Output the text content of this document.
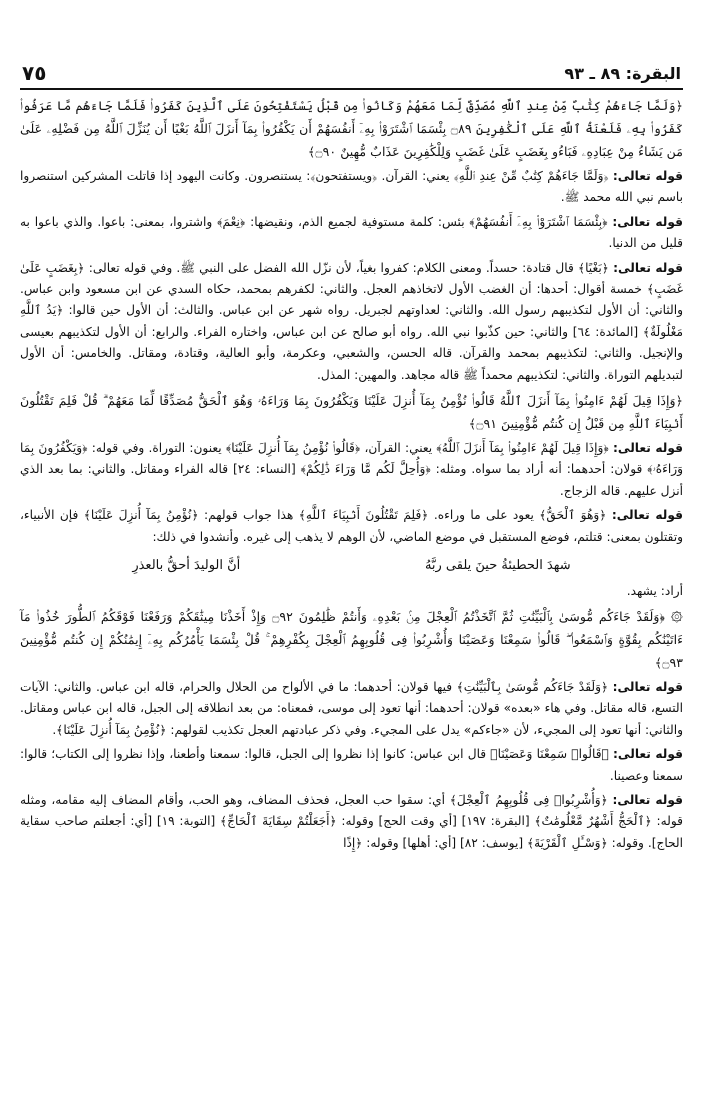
٧٥	البقرة: ٨٩ ـ ٩٣

﴿وَلَمَّا جَاءَهُمْ كِتَٰبٌ مِّنْ عِندِ ٱللَّهِ مُصَدِّقٌ لِّمَا مَعَهُمْ وَكَانُوا۟ مِن قَبْلُ يَسْتَفْتِحُونَ عَلَى ٱلَّذِينَ كَفَرُوا۟ فَلَمَّا جَاءَهُم مَّا عَرَفُوا۟ كَفَرُوا۟ بِهِۦ فَلَعْنَةُ ٱللَّهِ عَلَى ٱلْكَٰفِرِينَ ۝٨٩ بِئْسَمَا ٱشْتَرَوْا۟ بِهِۦٓ أَنفُسَهُمْ أَن يَكْفُرُوا۟ بِمَآ أَنزَلَ ٱللَّهُ بَغْيًا أَن يُنَزِّلَ ٱللَّهُ مِن فَضْلِهِۦ عَلَىٰ مَن يَشَاءُ مِنْ عِبَادِهِۦ فَبَاءُو بِغَضَبٍ عَلَىٰ غَضَبٍ وَلِلْكَٰفِرِينَ عَذَابٌ مُّهِينٌ ۝٩٠﴾

قوله تعالى: ﴿وَلَمَّا جَاءَهُمْ كِتَٰبٌ مِّنْ عِندِ ٱللَّهِ﴾ يعني: القرآن. ﴿ويستفتحون﴾: يستنصرون. وكانت اليهود إذا قاتلت المشركين استنصروا باسم نبي الله محمد ﷺ.

قوله تعالى: ﴿بِئْسَمَا ٱشْتَرَوْا۟ بِهِۦٓ أَنفُسَهُمْ﴾ بئس: كلمة مستوفية لجميع الذم، ونقيضها: ﴿نِعْمَ﴾ واشتروا، بمعنى: باعوا. والذي باعوا به قليل من الدنيا.

قوله تعالى: ﴿بَغْيًا﴾ قال قتادة: حسداً. ومعنى الكلام: كفروا بغياً، لأن نزّل الله الفضل على النبي ﷺ. وفي قوله تعالى: ﴿بِغَضَبٍ عَلَىٰ غَضَبٍ﴾ خمسة أقوال: أحدها: أن الغضب الأول لاتخاذهم العجل. والثاني: لكفرهم بمحمد، حكاه السدي عن ابن مسعود وابن عباس. والثاني: أن الأول لتكذيبهم رسول الله. والثاني: لعداوتهم لجبريل. رواه شهر عن ابن عباس. والثالث: أن الأول حين قالوا: ﴿يَدُ ٱللَّهِ مَغْلُولَةٌ﴾ [المائدة: ٦٤] والثاني: حين كذّبوا نبي الله. رواه أبو صالح عن ابن عباس، واختاره الفراء. والرابع: أن الأول لتكذيبهم بعيسى والإنجيل. والثاني: لتكذيبهم بمحمد والقرآن. قاله الحسن، والشعبي، وعكرمة، وأبو العالية، وقتادة، ومقاتل. والخامس: أن الأول لتبديلهم التوراة. والثاني: لتكذيبهم محمداً ﷺ قاله مجاهد. والمهين: المذل.

﴿وَإِذَا قِيلَ لَهُمْ ءَامِنُوا۟ بِمَآ أَنزَلَ ٱللَّهُ قَالُوا۟ نُؤْمِنُ بِمَآ أُنزِلَ عَلَيْنَا وَيَكْفُرُونَ بِمَا وَرَاءَهُۥ وَهُوَ ٱلْحَقُّ مُصَدِّقًا لِّمَا مَعَهُمْ ۗ قُلْ فَلِمَ تَقْتُلُونَ أَنۢبِيَاءَ ٱللَّهِ مِن قَبْلُ إِن كُنتُم مُّؤْمِنِينَ ۝٩١﴾

قوله تعالى: ﴿وَإِذَا قِيلَ لَهُمْ ءَامِنُوا۟ بِمَآ أَنزَلَ ٱللَّهُ﴾ يعني: القرآن، ﴿قَالُوا۟ نُؤْمِنُ بِمَآ أُنزِلَ عَلَيْنَا﴾ يعنون: التوراة. وفي قوله: ﴿وَيَكْفُرُونَ بِمَا وَرَاءَهُۥ﴾ قولان: أحدهما: أنه أراد بما سواه. ومثله: ﴿وَأُحِلَّ لَكُم مَّا وَرَاءَ ذَٰلِكُمْ﴾ [النساء: ٢٤] قاله الفراء ومقاتل. والثاني: بما بعد الذي أنزل عليهم. قاله الزجاج.

قوله تعالى: ﴿وَهُوَ ٱلْحَقُّ﴾ يعود على ما وراءه. ﴿فَلِمَ تَقْتُلُونَ أَنۢبِيَاءَ ٱللَّهِ﴾ هذا جواب قولهم: ﴿نُؤْمِنُ بِمَآ أُنزِلَ عَلَيْنَا﴾ فإن الأنبياء، وتقتلون بمعنى: قتلتم، فوضع المستقبل في موضع الماضي، لأن الوهم لا يذهب إلى غيره. وأنشدوا في ذلك:

شهدَ الحطيئةُ حينَ يلقى ربَّهُ
أنَّ الوليدَ أحقُّ بالعذرِ

أراد: يشهد.

۞ ﴿وَلَقَدْ جَاءَكُم مُّوسَىٰ بِٱلْبَيِّنَٰتِ ثُمَّ ٱتَّخَذْتُمُ ٱلْعِجْلَ مِنۢ بَعْدِهِۦ وَأَنتُمْ ظَٰلِمُونَ ۝٩٢ وَإِذْ أَخَذْنَا مِيثَٰقَكُمْ وَرَفَعْنَا فَوْقَكُمُ ٱلطُّورَ خُذُوا۟ مَآ ءَاتَيْنَٰكُم بِقُوَّةٍ وَٱسْمَعُوا۟ ۖ قَالُوا۟ سَمِعْنَا وَعَصَيْنَا وَأُشْرِبُوا۟ فِى قُلُوبِهِمُ ٱلْعِجْلَ بِكُفْرِهِمْ ۚ قُلْ بِئْسَمَا يَأْمُرُكُم بِهِۦٓ إِيمَٰنُكُمْ إِن كُنتُم مُّؤْمِنِينَ ۝٩٣﴾

قوله تعالى: ﴿وَلَقَدْ جَاءَكُم مُّوسَىٰ بِٱلْبَيِّنَٰتِ﴾ فيها قولان: أحدهما: ما في الألواح من الحلال والحرام، قاله ابن عباس. والثاني: الآيات التسع، قاله مقاتل. وفي هاء «بعده» قولان: أحدهما: أنها تعود إلى موسى، فمعناه: من بعد انطلاقه إلى الجبل، قاله ابن عباس ومقاتل. والثاني: أنها تعود إلى المجيء، لأن «جاءكم» يدل على المجيء. وفي ذكر عبادتهم العجل تكذيب لقولهم: ﴿نُؤْمِنُ بِمَآ أُنزِلَ عَلَيْنَا﴾.

قوله تعالى: ﴿قَالُوا۟ سَمِعْنَا وَعَصَيْنَا﴾ قال ابن عباس: كانوا إذا نظروا إلى الجبل، قالوا: سمعنا وأطعنا، وإذا نظروا إلى الكتاب؛ قالوا: سمعنا وعصينا.

قوله تعالى: ﴿وَأُشْرِبُوا۟ فِى قُلُوبِهِمُ ٱلْعِجْلَ﴾ أي: سقوا حب العجل، فحذف المضاف، وهو الحب، وأقام المضاف إليه مقامه، ومثله قوله: ﴿ٱلْحَجُّ أَشْهُرٌ مَّعْلُومَٰتٌ﴾ [البقرة: ١٩٧] [أي وقت الحج] وقوله: ﴿أَجَعَلْتُمْ سِقَايَةَ ٱلْحَاجِّ﴾ [التوبة: ١٩] [أي: أجعلتم صاحب سقاية الحاج]. وقوله: ﴿وَسْـَٔلِ ٱلْقَرْيَةَ﴾ [يوسف: ٨٢] [أي: أهلها] وقوله: ﴿إِذًا
